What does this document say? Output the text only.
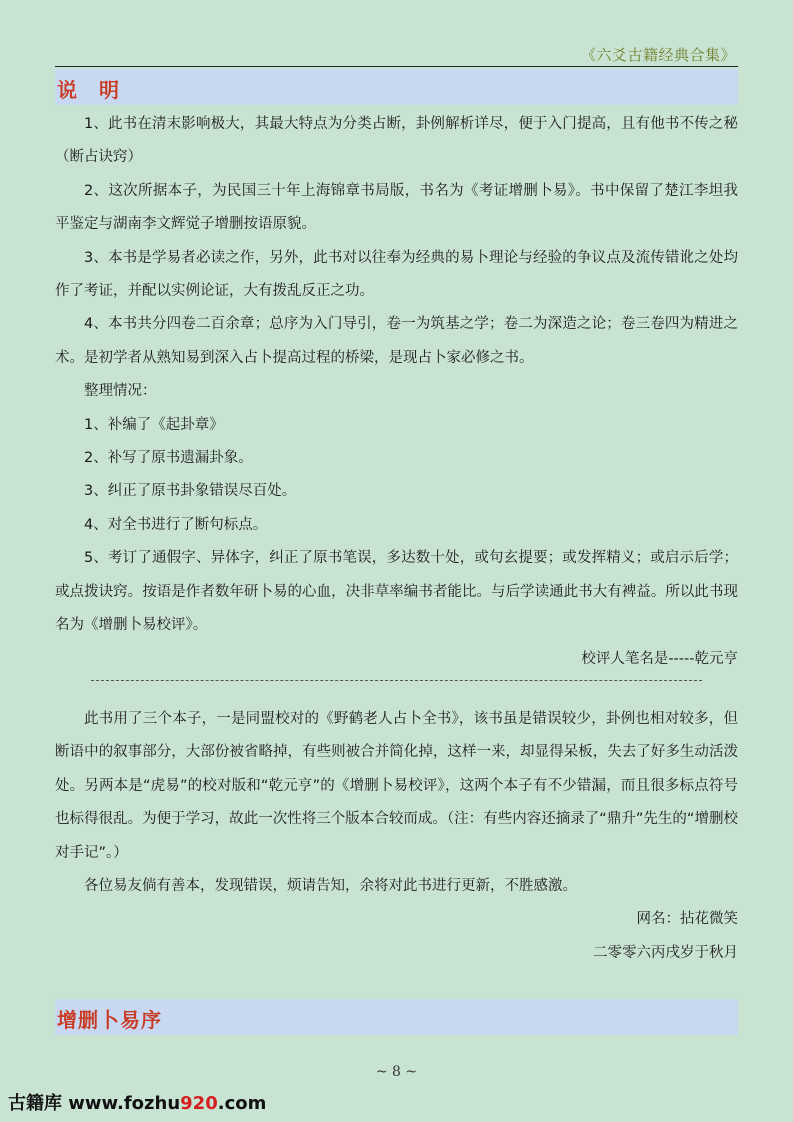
《六爻古籍经典合集》
说明

1、此书在清末影响极大，其最大特点为分类占断，卦例解析详尽，便于入门提高，且有他书不传之秘（断占诀窍）

2、这次所据本子，为民国三十年上海锦章书局版，书名为《考证增删卜易》。书中保留了楚江李坦我平鉴定与湖南李文辉觉子增删按语原貌。

3、本书是学易者必读之作，另外，此书对以往奉为经典的易卜理论与经验的争议点及流传错讹之处均作了考证，并配以实例论证，大有拨乱反正之功。

4、本书共分四卷二百余章；总序为入门导引，卷一为筑基之学；卷二为深造之论；卷三卷四为精进之术。是初学者从熟知易到深入占卜提高过程的桥梁，是现占卜家必修之书。

整理情况：

1、补编了《起卦章》

2、补写了原书遗漏卦象。

3、纠正了原书卦象错误尽百处。

4、对全书进行了断句标点。

5、考订了通假字、异体字，纠正了原书笔误，多达数十处，或句玄提要；或发挥精义；或启示后学；或点拨诀窍。按语是作者数年研卜易的心血，决非草率编书者能比。与后学读通此书大有裨益。所以此书现名为《增删卜易校评》。

校评人笔名是-----乾元亨

此书用了三个本子，一是同盟校对的《野鹤老人占卜全书》，该书虽是错误较少，卦例也相对较多，但断语中的叙事部分，大部份被省略掉，有些则被合并简化掉，这样一来，却显得呆板，失去了好多生动活泼处。另两本是“虎易”的校对版和“乾元亨”的《增删卜易校评》，这两个本子有不少错漏，而且很多标点符号也标得很乱。为便于学习，故此一次性将三个版本合较而成。（注：有些内容还摘录了“鼎升”先生的“增删校对手记”。）

各位易友倘有善本，发现错误，烦请告知，余将对此书进行更新，不胜感激。

网名：拈花微笑

二零零六丙戌岁于秋月

增删卜易序
~ 8 ~
古籍库 www.fozhu920.com
